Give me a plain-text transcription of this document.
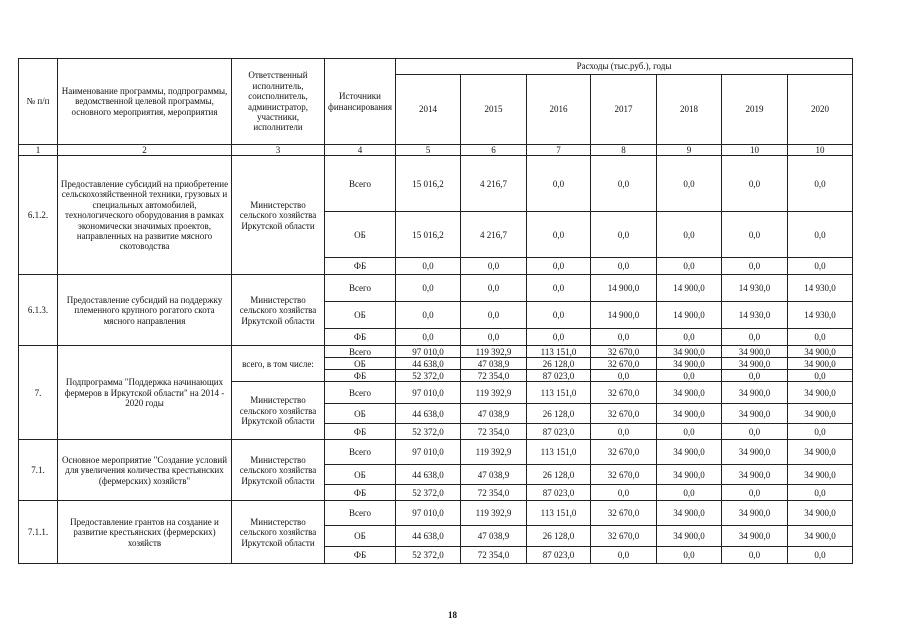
№ п/п	Наименование программы, подпрограммы, ведомственной целевой программы, основного мероприятия, мероприятия	Ответственный исполнитель, соисполнитель, администратор, участники, исполнители	Источники финансирования	Расходы (тыс.руб.), годы						
				2014	2015	2016	2017	2018	2019	2020
1	2	3	4	5	6	7	8	9	10	10
6.1.2.	Предоставление субсидий на приобретение сельскохозяйственной техники, грузовых и специальных автомобилей, технологического оборудования в рамках экономически значимых проектов, направленных на развитие мясного скотоводства	Министерство сельского хозяйства Иркутской области	Всего	15 016,2	4 216,7	0,0	0,0	0,0	0,0	0,0
			ОБ	15 016,2	4 216,7	0,0	0,0	0,0	0,0	0,0
			ФБ	0,0	0,0	0,0	0,0	0,0	0,0	0,0
6.1.3.	Предоставление субсидий на поддержку племенного крупного рогатого скота мясного направления	Министерство сельского хозяйства Иркутской области	Всего	0,0	0,0	0,0	14 900,0	14 900,0	14 930,0	14 930,0
			ОБ	0,0	0,0	0,0	14 900,0	14 900,0	14 930,0	14 930,0
			ФБ	0,0	0,0	0,0	0,0	0,0	0,0	0,0
7.	Подпрограмма "Поддержка начинающих фермеров в Иркутской области" на 2014 - 2020 годы	всего, в том числе:	Всего	97 010,0	119 392,9	113 151,0	32 670,0	34 900,0	34 900,0	34 900,0
			ОБ	44 638,0	47 038,9	26 128,0	32 670,0	34 900,0	34 900,0	34 900,0
			ФБ	52 372,0	72 354,0	87 023,0	0,0	0,0	0,0	0,0
		Министерство сельского хозяйства Иркутской области	Всего	97 010,0	119 392,9	113 151,0	32 670,0	34 900,0	34 900,0	34 900,0
			ОБ	44 638,0	47 038,9	26 128,0	32 670,0	34 900,0	34 900,0	34 900,0
			ФБ	52 372,0	72 354,0	87 023,0	0,0	0,0	0,0	0,0
7.1.	Основное мероприятие "Создание условий для увеличения количества крестьянских (фермерских) хозяйств"	Министерство сельского хозяйства Иркутской области	Всего	97 010,0	119 392,9	113 151,0	32 670,0	34 900,0	34 900,0	34 900,0
			ОБ	44 638,0	47 038,9	26 128,0	32 670,0	34 900,0	34 900,0	34 900,0
			ФБ	52 372,0	72 354,0	87 023,0	0,0	0,0	0,0	0,0
7.1.1.	Предоставление грантов на создание и развитие крестьянских (фермерских) хозяйств	Министерство сельского хозяйства Иркутской области	Всего	97 010,0	119 392,9	113 151,0	32 670,0	34 900,0	34 900,0	34 900,0
			ОБ	44 638,0	47 038,9	26 128,0	32 670,0	34 900,0	34 900,0	34 900,0
			ФБ	52 372,0	72 354,0	87 023,0	0,0	0,0	0,0	0,0
18
